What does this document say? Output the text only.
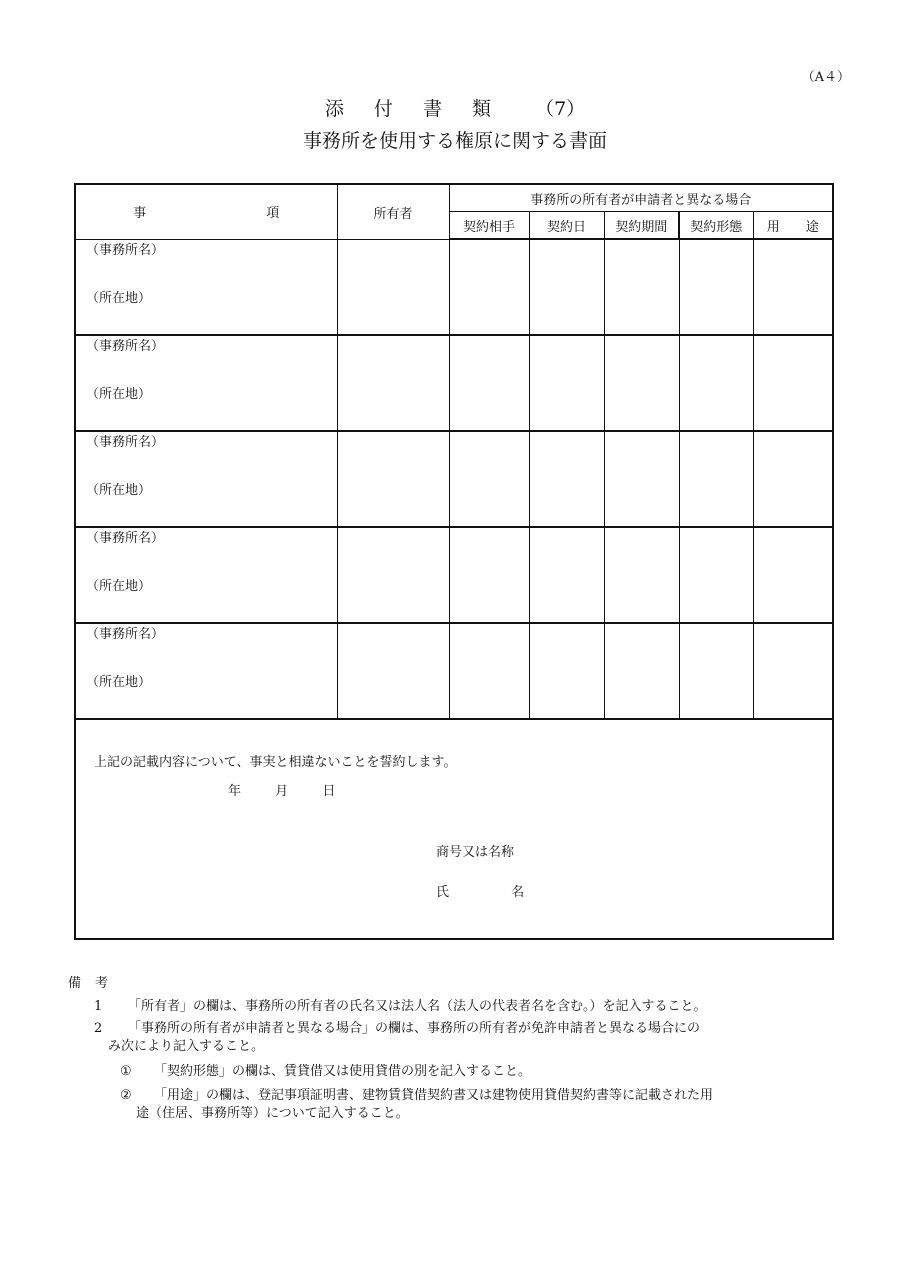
（A４）
添 付 書 類 （7）
事務所を使用する権原に関する書面
事 項	所有者	事務所の所有者が申請者と異なる場合				
		契約相手	契約日	契約期間	契約形態	用　　途

（事務所名）
（所在地）						

（事務所名）
（所在地）						

（事務所名）
（所在地）						

（事務所名）
（所在地）						

（事務所名）
（所在地）						

上記の記載内容について、事実と相違ないことを誓約します。
年 月 日
商号又は名称
氏 名						
備 考
1 「所有者」の欄は、事務所の所有者の氏名又は法人名（法人の代表者名を含む。）を記入すること。
2 「事務所の所有者が申請者と異なる場合」の欄は、事務所の所有者が免許申請者と異なる場合にの
み次により記入すること。
① 「契約形態」の欄は、賃貸借又は使用貸借の別を記入すること。
② 「用途」の欄は、登記事項証明書、建物賃貸借契約書又は建物使用貸借契約書等に記載された用
途（住居、事務所等）について記入すること。
